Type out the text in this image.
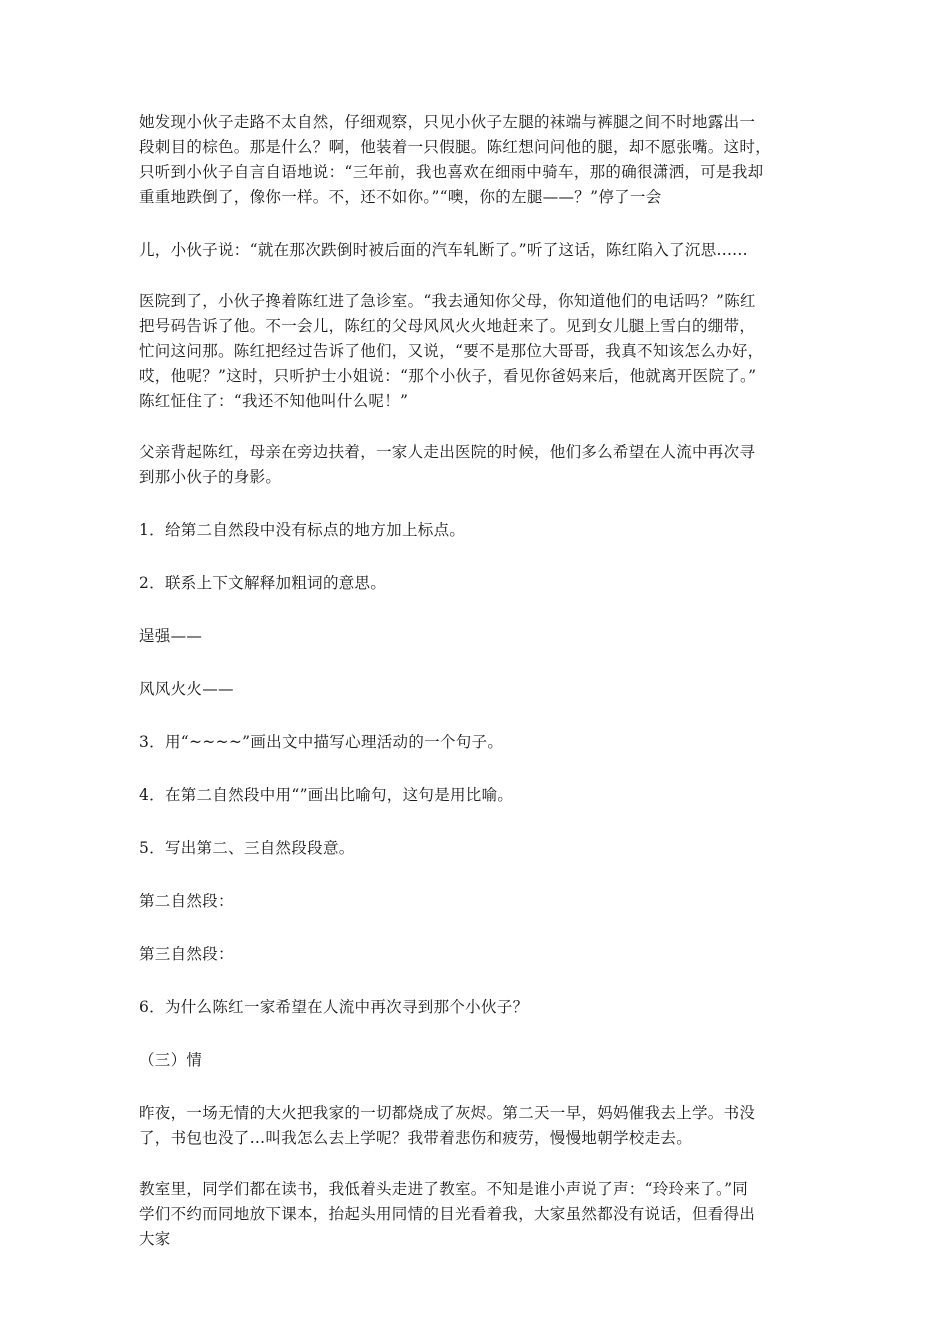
她发现小伙子走路不太自然，仔细观察，只见小伙子左腿的袜端与裤腿之间不时地露出一
段刺目的棕色。那是什么？啊，他装着一只假腿。陈红想问问他的腿，却不愿张嘴。这时，
只听到小伙子自言自语地说：“三年前，我也喜欢在细雨中骑车，那的确很潇洒，可是我却
重重地跌倒了，像你一样。不，还不如你。”“噢，你的左腿——？”停了一会

儿，小伙子说：“就在那次跌倒时被后面的汽车轧断了。”听了这话，陈红陷入了沉思......

医院到了，小伙子搀着陈红进了急诊室。“我去通知你父母，你知道他们的电话吗？”陈红
把号码告诉了他。不一会儿，陈红的父母风风火火地赶来了。见到女儿腿上雪白的绷带，
忙问这问那。陈红把经过告诉了他们，又说，“要不是那位大哥哥，我真不知该怎么办好，
哎，他呢？”这时，只听护士小姐说：“那个小伙子，看见你爸妈来后，他就离开医院了。”
陈红怔住了：“我还不知他叫什么呢！”

父亲背起陈红，母亲在旁边扶着，一家人走出医院的时候，他们多么希望在人流中再次寻
到那小伙子的身影。

1．给第二自然段中没有标点的地方加上标点。

2．联系上下文解释加粗词的意思。

逞强——

风风火火——

3．用“~~~~”画出文中描写心理活动的一个句子。

4．在第二自然段中用“”画出比喻句，这句是用比喻。

5．写出第二、三自然段段意。

第二自然段：

第三自然段：

6．为什么陈红一家希望在人流中再次寻到那个小伙子？

（三）情

昨夜，一场无情的大火把我家的一切都烧成了灰烬。第二天一早，妈妈催我去上学。书没
了，书包也没了…叫我怎么去上学呢？我带着悲伤和疲劳，慢慢地朝学校走去。

教室里，同学们都在读书，我低着头走进了教室。不知是谁小声说了声：“玲玲来了。”同
学们不约而同地放下课本，抬起头用同情的目光看着我，大家虽然都没有说话，但看得出
大家
